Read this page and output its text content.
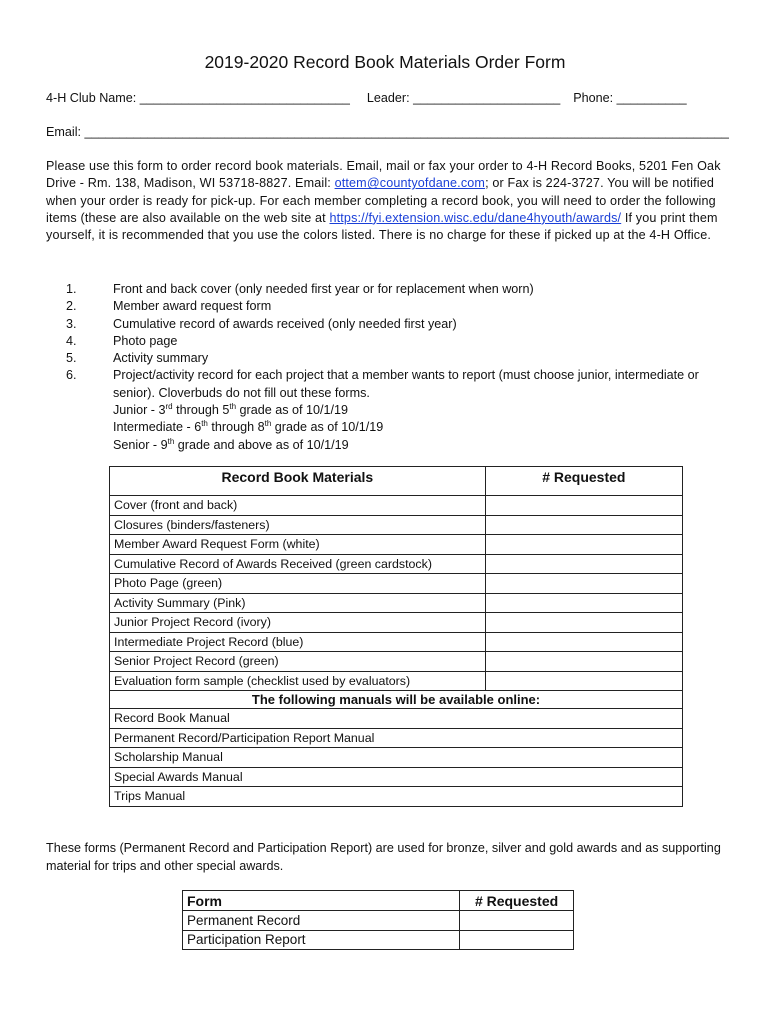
2019-2020 Record Book Materials Order Form
4-H Club Name: ______________________________ Leader: _____________________ Phone: __________
Email: ____________________________________________________________________________________________
Please use this form to order record book materials. Email, mail or fax your order to 4-H Record Books, 5201 Fen Oak Drive - Rm. 138, Madison, WI 53718-8827. Email: ottem@countyofdane.com; or Fax is 224-3727. You will be notified when your order is ready for pick-up. For each member completing a record book, you will need to order the following items (these are also available on the web site at https://fyi.extension.wisc.edu/dane4hyouth/awards/ If you print them yourself, it is recommended that you use the colors listed. There is no charge for these if picked up at the 4-H Office.
1.	Front and back cover (only needed first year or for replacement when worn)
2.	Member award request form
3.	Cumulative record of awards received (only needed first year)
4.	Photo page
5.	Activity summary
6.	Project/activity record for each project that a member wants to report (must choose junior, intermediate or senior). Cloverbuds do not fill out these forms.
Junior - 3rd through 5th grade as of 10/1/19
Intermediate - 6th through 8th grade as of 10/1/19
Senior - 9th grade and above as of 10/1/19
Record Book Materials	# Requested
Cover (front and back)	
Closures (binders/fasteners)	
Member Award Request Form (white)	
Cumulative Record of Awards Received (green cardstock)	
Photo Page (green)	
Activity Summary (Pink)	
Junior Project Record (ivory)	
Intermediate Project Record (blue)	
Senior Project Record (green)	
Evaluation form sample (checklist used by evaluators)	
The following manuals will be available online:	
Record Book Manual	
Permanent Record/Participation Report Manual	
Scholarship Manual	
Special Awards Manual	
Trips Manual	
These forms (Permanent Record and Participation Report) are used for bronze, silver and gold awards and as supporting material for trips and other special awards.
Form	# Requested
Permanent Record	
Participation Report	
